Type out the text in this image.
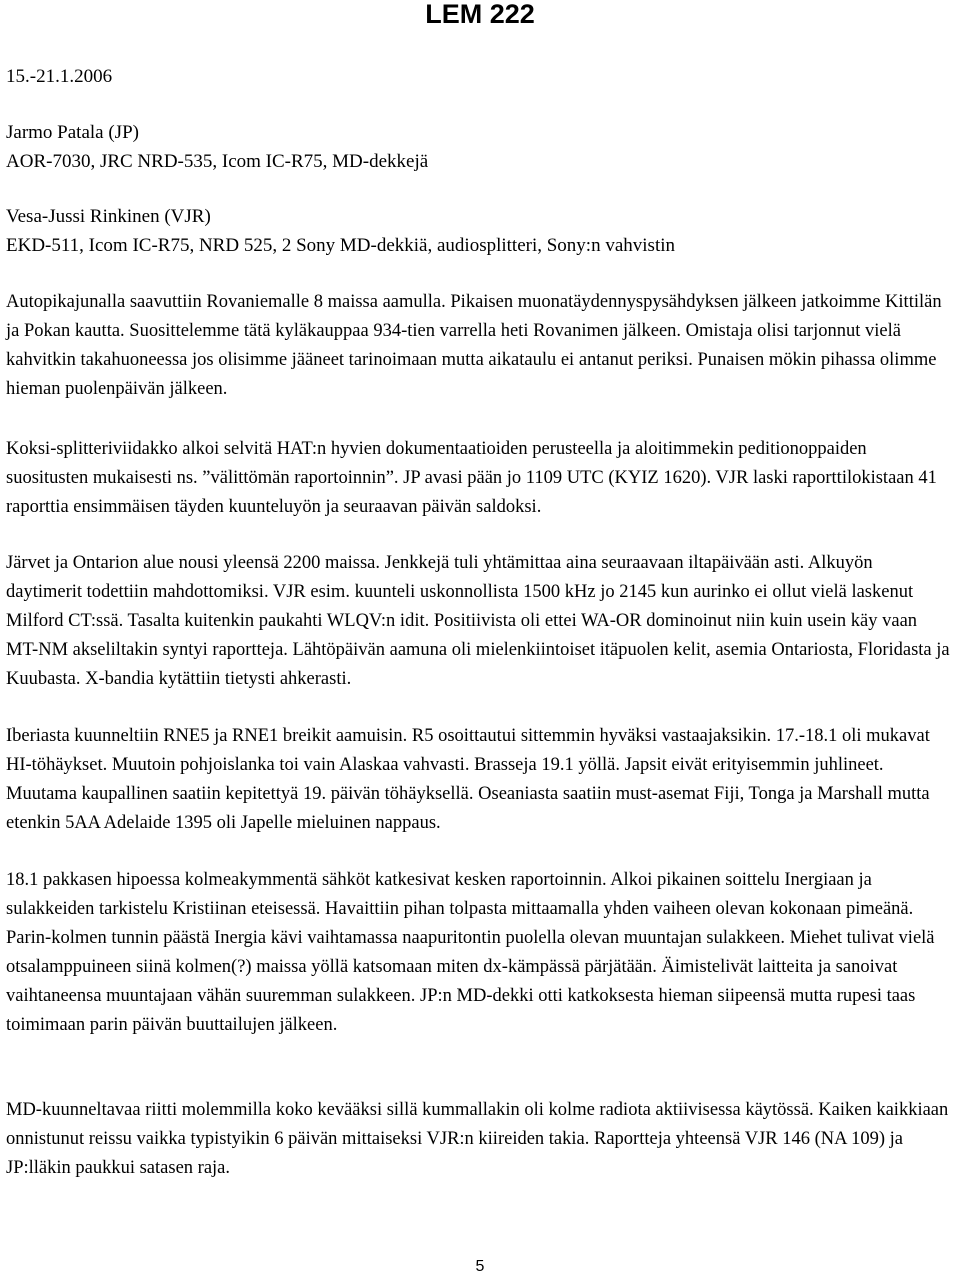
LEM 222
15.-21.1.2006
Jarmo Patala (JP)
AOR-7030, JRC NRD-535, Icom IC-R75, MD-dekkejä
Vesa-Jussi Rinkinen (VJR)
EKD-511, Icom IC-R75, NRD 525, 2 Sony MD-dekkiä, audiosplitteri, Sony:n vahvistin

Autopikajunalla saavuttiin Rovaniemalle 8 maissa aamulla. Pikaisen muonatäydennyspysähdyksen jälkeen jatkoimme Kittilän ja Pokan kautta. Suosittelemme tätä kyläkauppaa 934-tien varrella heti Rovanimen jälkeen. Omistaja olisi tarjonnut vielä kahvitkin takahuoneessa jos olisimme jääneet tarinoimaan mutta aikataulu ei antanut periksi. Punaisen mökin pihassa olimme hieman puolenpäivän jälkeen.

Koksi-splitteriviidakko alkoi selvitä HAT:n hyvien dokumentaatioiden perusteella ja aloitimmekin peditionoppaiden suositusten mukaisesti ns. ”välittömän raportoinnin”. JP avasi pään jo 1109 UTC (KYIZ 1620). VJR laski raporttilokistaan 41 raporttia ensimmäisen täyden kuunteluyön ja seuraavan päivän saldoksi.

Järvet ja Ontarion alue nousi yleensä 2200 maissa. Jenkkejä tuli yhtämittaa aina seuraavaan iltapäivään asti. Alkuyön daytimerit todettiin mahdottomiksi. VJR esim. kuunteli uskonnollista 1500 kHz jo 2145 kun aurinko ei ollut vielä laskenut Milford CT:ssä. Tasalta kuitenkin paukahti WLQV:n idit. Positiivista oli ettei WA-OR dominoinut niin kuin usein käy vaan MT-NM akseliltakin syntyi raportteja. Lähtöpäivän aamuna oli mielenkiintoiset itäpuolen kelit, asemia Ontariosta, Floridasta ja Kuubasta. X-bandia kytättiin tietysti ahkerasti.

Iberiasta kuunneltiin RNE5 ja RNE1 breikit aamuisin. R5 osoittautui sittemmin hyväksi vastaajaksikin. 17.-18.1 oli mukavat HI-töhäykset. Muutoin pohjoislanka toi vain Alaskaa vahvasti. Brasseja 19.1 yöllä. Japsit eivät erityisemmin juhlineet. Muutama kaupallinen saatiin kepitettyä 19. päivän töhäyksellä. Oseaniasta saatiin must-asemat Fiji, Tonga ja Marshall mutta etenkin 5AA Adelaide 1395 oli Japelle mieluinen nappaus.

18.1 pakkasen hipoessa kolmeakymmentä sähköt katkesivat kesken raportoinnin. Alkoi pikainen soittelu Inergiaan ja sulakkeiden tarkistelu Kristiinan eteisessä. Havaittiin pihan tolpasta mittaamalla yhden vaiheen olevan kokonaan pimeänä. Parin-kolmen tunnin päästä Inergia kävi vaihtamassa naapuritontin puolella olevan muuntajan sulakkeen. Miehet tulivat vielä otsalamppuineen siinä kolmen(?) maissa yöllä katsomaan miten dx-kämpässä pärjätään. Äimistelivät laitteita ja sanoivat vaihtaneensa muuntajaan vähän suuremman sulakkeen. JP:n MD-dekki otti katkoksesta hieman siipeensä mutta rupesi taas toimimaan parin päivän buuttailujen jälkeen.

MD-kuunneltavaa riitti molemmilla koko kevääksi sillä kummallakin oli kolme radiota aktiivisessa käytössä. Kaiken kaikkiaan onnistunut reissu vaikka typistyikin 6 päivän mittaiseksi VJR:n kiireiden takia. Raportteja yhteensä VJR 146 (NA 109) ja JP:lläkin paukkui satasen raja.

5
